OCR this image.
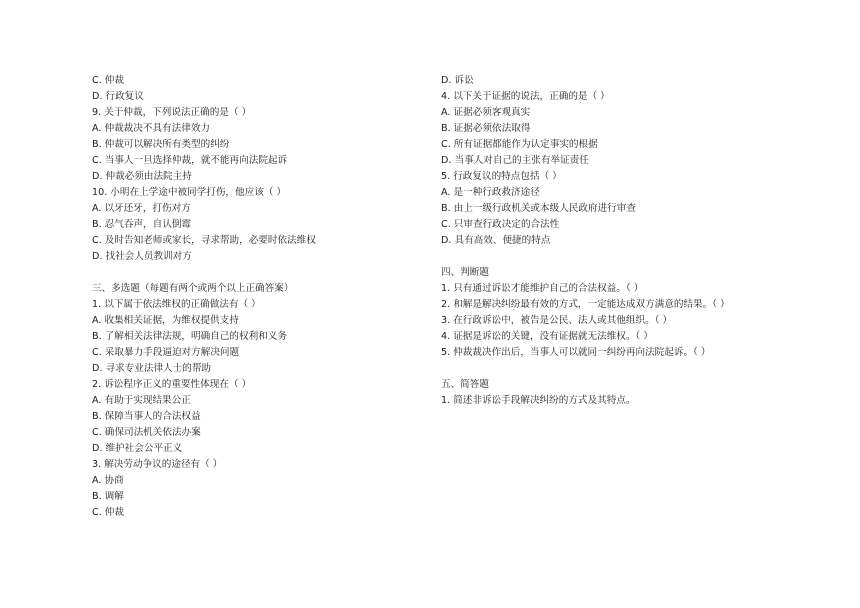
C. 仲裁
D. 行政复议
9. 关于仲裁，下列说法正确的是（ ）
A. 仲裁裁决不具有法律效力
B. 仲裁可以解决所有类型的纠纷
C. 当事人一旦选择仲裁，就不能再向法院起诉
D. 仲裁必须由法院主持
10. 小明在上学途中被同学打伤，他应该（ ）
A. 以牙还牙，打伤对方
B. 忍气吞声，自认倒霉
C. 及时告知老师或家长，寻求帮助，必要时依法维权
D. 找社会人员教训对方
三、多选题（每题有两个或两个以上正确答案）
1. 以下属于依法维权的正确做法有（ ）
A. 收集相关证据，为维权提供支持
B. 了解相关法律法规，明确自己的权利和义务
C. 采取暴力手段逼迫对方解决问题
D. 寻求专业法律人士的帮助
2. 诉讼程序正义的重要性体现在（ ）
A. 有助于实现结果公正
B. 保障当事人的合法权益
C. 确保司法机关依法办案
D. 维护社会公平正义
3. 解决劳动争议的途径有（ ）
A. 协商
B. 调解
C. 仲裁
D. 诉讼
4. 以下关于证据的说法，正确的是（ ）
A. 证据必须客观真实
B. 证据必须依法取得
C. 所有证据都能作为认定事实的根据
D. 当事人对自己的主张有举证责任
5. 行政复议的特点包括（ ）
A. 是一种行政救济途径
B. 由上一级行政机关或本级人民政府进行审查
C. 只审查行政决定的合法性
D. 具有高效、便捷的特点
四、判断题
1. 只有通过诉讼才能维护自己的合法权益。（ ）
2. 和解是解决纠纷最有效的方式，一定能达成双方满意的结果。（ ）
3. 在行政诉讼中，被告是公民、法人或其他组织。（ ）
4. 证据是诉讼的关键，没有证据就无法维权。（ ）
5. 仲裁裁决作出后，当事人可以就同一纠纷再向法院起诉。（ ）
五、简答题
1. 简述非诉讼手段解决纠纷的方式及其特点。
